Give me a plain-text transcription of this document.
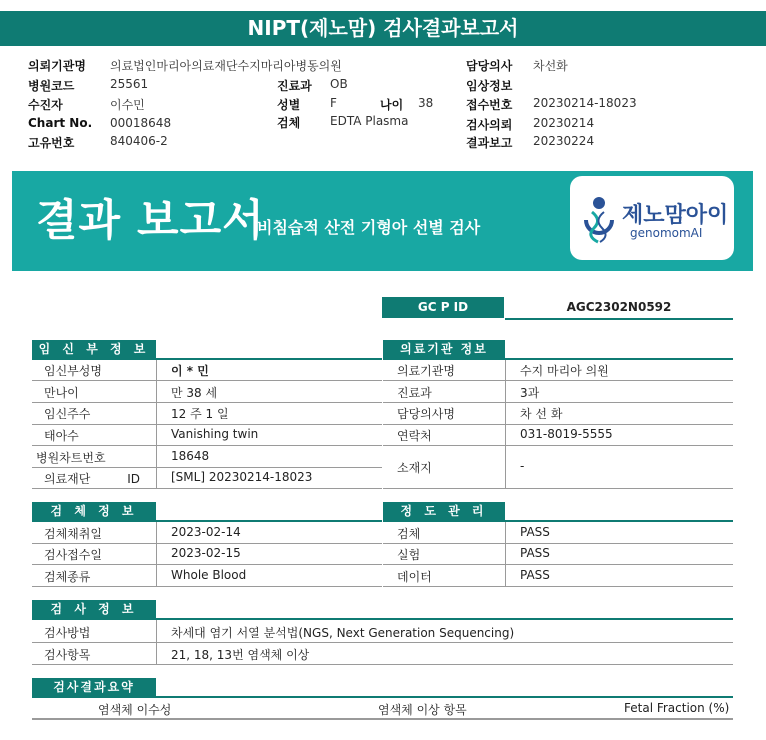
NIPT(제노맘) 검사결과보고서
의뢰기관명 의료법인마리아의료재단수지마리아병동의원
병원코드	25561	진료과 OB
수진자	이수민	성별 F	나이 38
Chart No. 00018648	검체 EDTA Plasma
고유번호	840406-2
담당의사 차선화
임상정보
접수번호 20230214-18023
검사의뢰 20230214
결과보고 20230224
결과 보고서
비침습적 산전 기형아 선별 검사	제노맘아이
genomomAI
GC P ID	AGC2302N0592
임 신 부 정 보
임신부성명	이 * 민
만나이	만 38 세
임신주수	12 주 1 일
태아수	Vanishing twin
병원차트번호	18648
의료재단 ID	[SML] 20230214-18023
의료기관 정보
의료기관명	수지 마리아 의원
진료과	3과
담당의사명	차 선 화
연락처	031-8019-5555
소재지	-
검 체 정 보
검체채취일	2023-02-14
검사접수일	2023-02-15
검체종류	Whole Blood
정 도 관 리
검체	PASS
실험	PASS
데이터	PASS
검 사 정 보
검사방법	차세대 염기 서열 분석법(NGS, Next Generation Sequencing)
검사항목	21, 18, 13번 염색체 이상
검사결과요약
염색체 이수성	염색체 이상 항목	Fetal Fraction (%)
